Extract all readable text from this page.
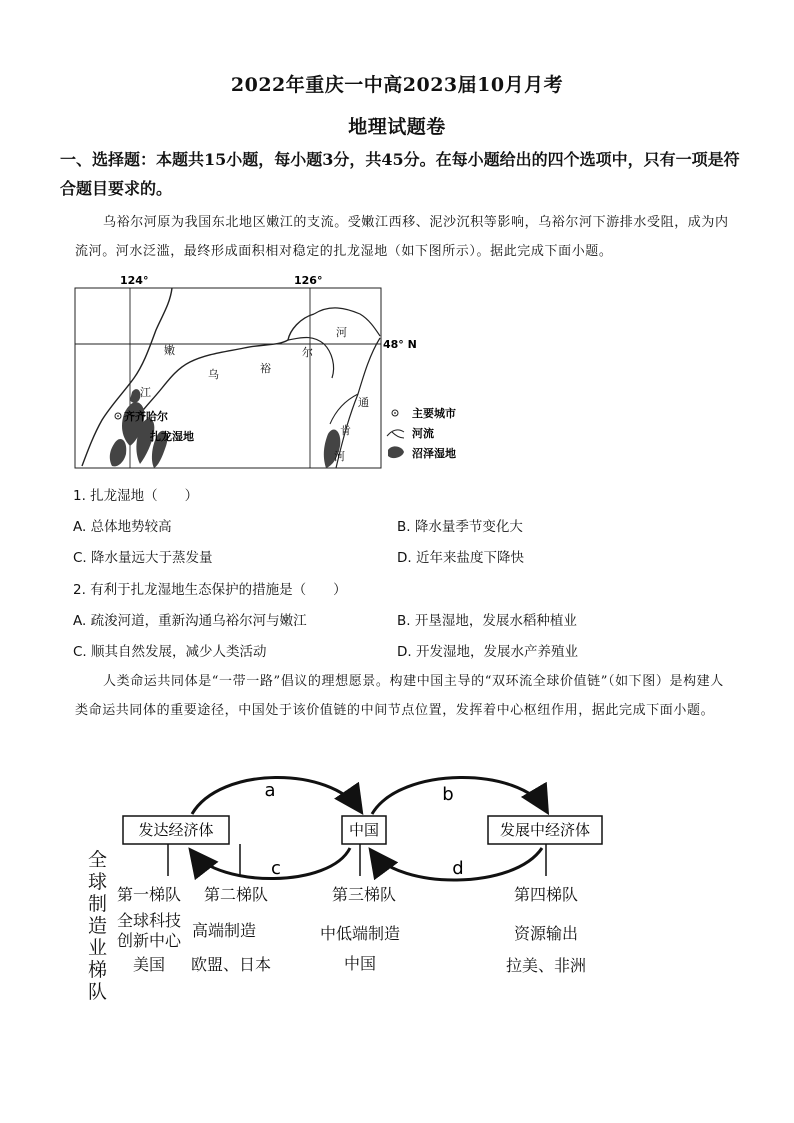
2022年重庆一中高2023届10月月考
地理试题卷
一、选择题：本题共15小题，每小题3分，共45分。在每小题给出的四个选项中，只有一项是符合题目要求的。
乌裕尔河原为我国东北地区嫩江的支流。受嫩江西移、泥沙沉积等影响，乌裕尔河下游排水受阻，成为内流河。河水泛滥，最终形成面积相对稳定的扎龙湿地（如下图所示）。据此完成下面小题。
124°	126°
48° N
嫩
江
乌	裕
尔
河
通
肯
河
齐齐哈尔
扎龙湿地
主要城市
河流
沼泽湿地
1. 扎龙湿地（　　）
A. 总体地势较高	B. 降水量季节变化大
C. 降水量远大于蒸发量	D. 近年来盐度下降快
2. 有利于扎龙湿地生态保护的措施是（　　）
A. 疏浚河道，重新沟通乌裕尔河与嫩江	B. 开垦湿地，发展水稻种植业
C. 顺其自然发展，减少人类活动	D. 开发湿地，发展水产养殖业
人类命运共同体是“一带一路”倡议的理想愿景。构建中国主导的“双环流全球价值链”（如下图）是构建人类命运共同体的重要途径，中国处于该价值链的中间节点位置，发挥着中心枢纽作用，据此完成下面小题。
发达经济体	中国	发展中经济体
a	b
c	d
全
球
制
造
业
梯
队
第一梯队
全球科技
创新中心
美国
第二梯队
高端制造
欧盟、日本
第三梯队
中低端制造
中国
第四梯队
资源输出
拉美、非洲
